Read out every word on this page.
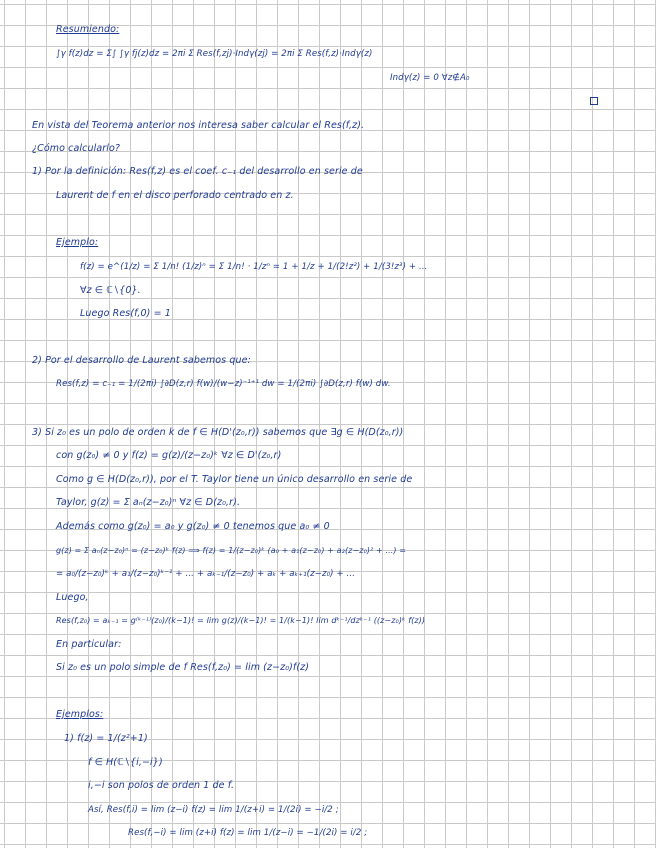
Resumiendo:
∫γ f(z)dz = Σ∫ ∫γ fj(z)dz = 2πi Σ Res(f,zj)·Indγ(zj) = 2πi Σ Res(f,z)·Indγ(z)
Indγ(z) = 0 ∀z∉A₀
En vista del Teorema anterior nos interesa saber calcular el Res(f,z).
¿Cómo calcularlo?
1) Por la definición: Res(f,z) es el coef. c₋₁ del desarrollo en serie de
Laurent de f en el disco perforado centrado en z.
Ejemplo:
f(z) = e^(1/z) = Σ 1/n! (1/z)ⁿ = Σ 1/n! · 1/zⁿ = 1 + 1/z + 1/(2!z²) + 1/(3!z³) + ...
∀z ∈ ℂ∖{0}.
Luego Res(f,0) = 1
2) Por el desarrollo de Laurent sabemos que:
Res(f,z) = c₋₁ = 1/(2πi) ∫∂D(z,r) f(w)/(w−z)⁻¹⁺¹ dw = 1/(2πi) ∫∂D(z,r) f(w) dw.
3) Si z₀ es un polo de orden k de f ∈ H(D'(z₀,r)) sabemos que ∃g ∈ H(D(z₀,r))
con g(z₀) ≠ 0 y f(z) = g(z)/(z−z₀)ᵏ ∀z ∈ D'(z₀,r)
Como g ∈ H(D(z₀,r)), por el T. Taylor tiene un único desarrollo en serie de
Taylor, g(z) = Σ aₙ(z−z₀)ⁿ ∀z ∈ D(z₀,r).
Además como g(z₀) = a₀ y g(z₀) ≠ 0 tenemos que a₀ ≠ 0
g(z) = Σ aₙ(z−z₀)ⁿ = (z−z₀)ᵏ f(z) ⟹ f(z) = 1/(z−z₀)ᵏ (a₀ + a₁(z−z₀) + a₂(z−z₀)² + ...) =
= a₀/(z−z₀)ᵏ + a₁/(z−z₀)ᵏ⁻¹ + ... + aₖ₋₁/(z−z₀) + aₖ + aₖ₊₁(z−z₀) + ...
Luego,
Res(f,z₀) = aₖ₋₁ = g⁽ᵏ⁻¹⁾(z₀)/(k−1)! = lim g(z)/(k−1)! = 1/(k−1)! lim dᵏ⁻¹/dzᵏ⁻¹ ((z−z₀)ᵏ f(z))
En particular:
Si z₀ es un polo simple de f Res(f,z₀) = lim (z−z₀)f(z)
Ejemplos:
1) f(z) = 1/(z²+1)
f ∈ H(ℂ∖{i,−i})
i,−i son polos de orden 1 de f.
Así, Res(f,i) = lim (z−i) f(z) = lim 1/(z+i) = 1/(2i) = −i/2 ;
Res(f,−i) = lim (z+i) f(z) = lim 1/(z−i) = −1/(2i) = i/2 ;
